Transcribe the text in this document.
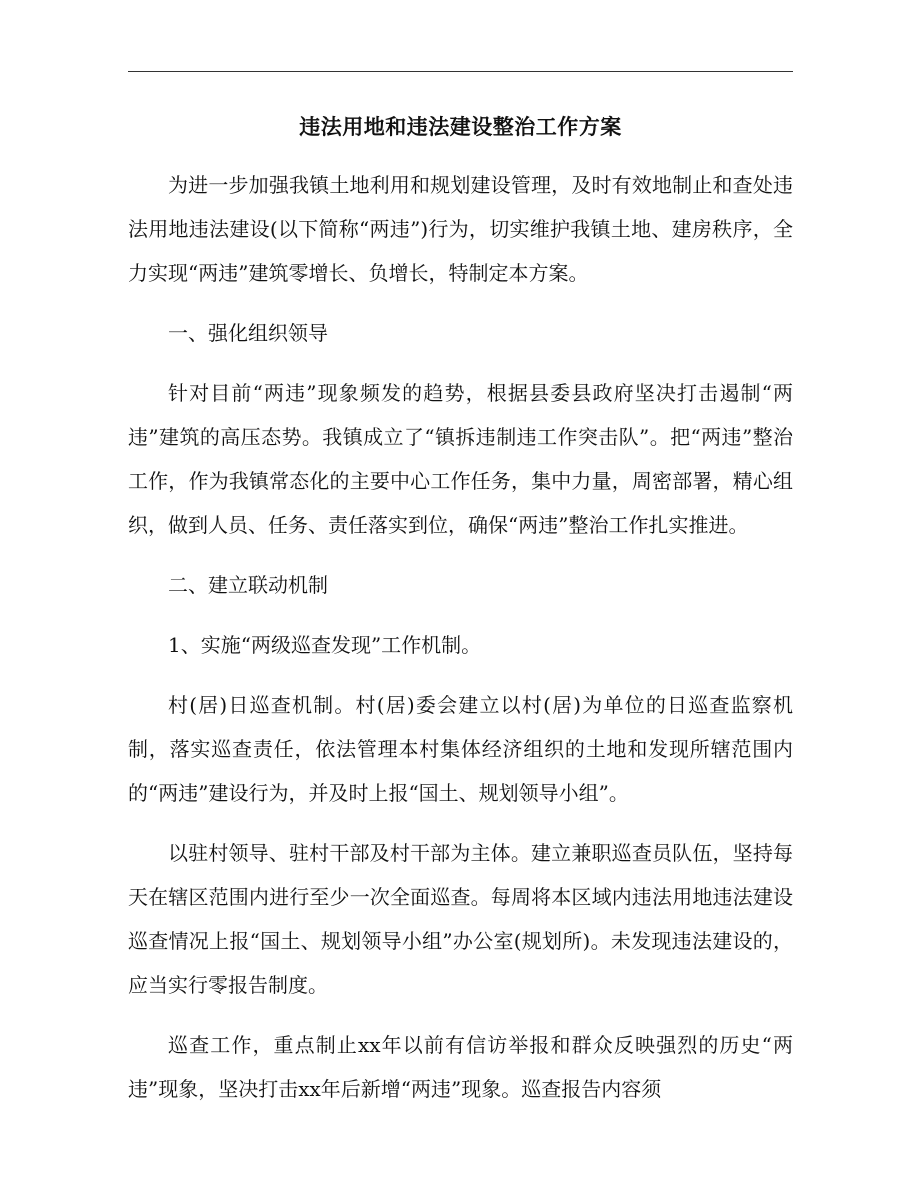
违法用地和违法建设整治工作方案

为进一步加强我镇土地利用和规划建设管理，及时有效地制止和查处违法用地违法建设(以下简称“两违”)行为，切实维护我镇土地、建房秩序，全力实现“两违”建筑零增长、负增长，特制定本方案。

一、强化组织领导

针对目前“两违”现象频发的趋势，根据县委县政府坚决打击遏制“两违”建筑的高压态势。我镇成立了“镇拆违制违工作突击队”。把“两违”整治工作，作为我镇常态化的主要中心工作任务，集中力量，周密部署，精心组织，做到人员、任务、责任落实到位，确保“两违”整治工作扎实推进。

二、建立联动机制

1、实施“两级巡查发现”工作机制。

村(居)日巡查机制。村(居)委会建立以村(居)为单位的日巡查监察机制，落实巡查责任，依法管理本村集体经济组织的土地和发现所辖范围内的“两违”建设行为，并及时上报“国土、规划领导小组”。

以驻村领导、驻村干部及村干部为主体。建立兼职巡查员队伍，坚持每天在辖区范围内进行至少一次全面巡查。每周将本区域内违法用地违法建设巡查情况上报“国土、规划领导小组”办公室(规划所)。未发现违法建设的，应当实行零报告制度。

巡查工作，重点制止xx年以前有信访举报和群众反映强烈的历史“两违”现象，坚决打击xx年后新增“两违”现象。巡查报告内容须
